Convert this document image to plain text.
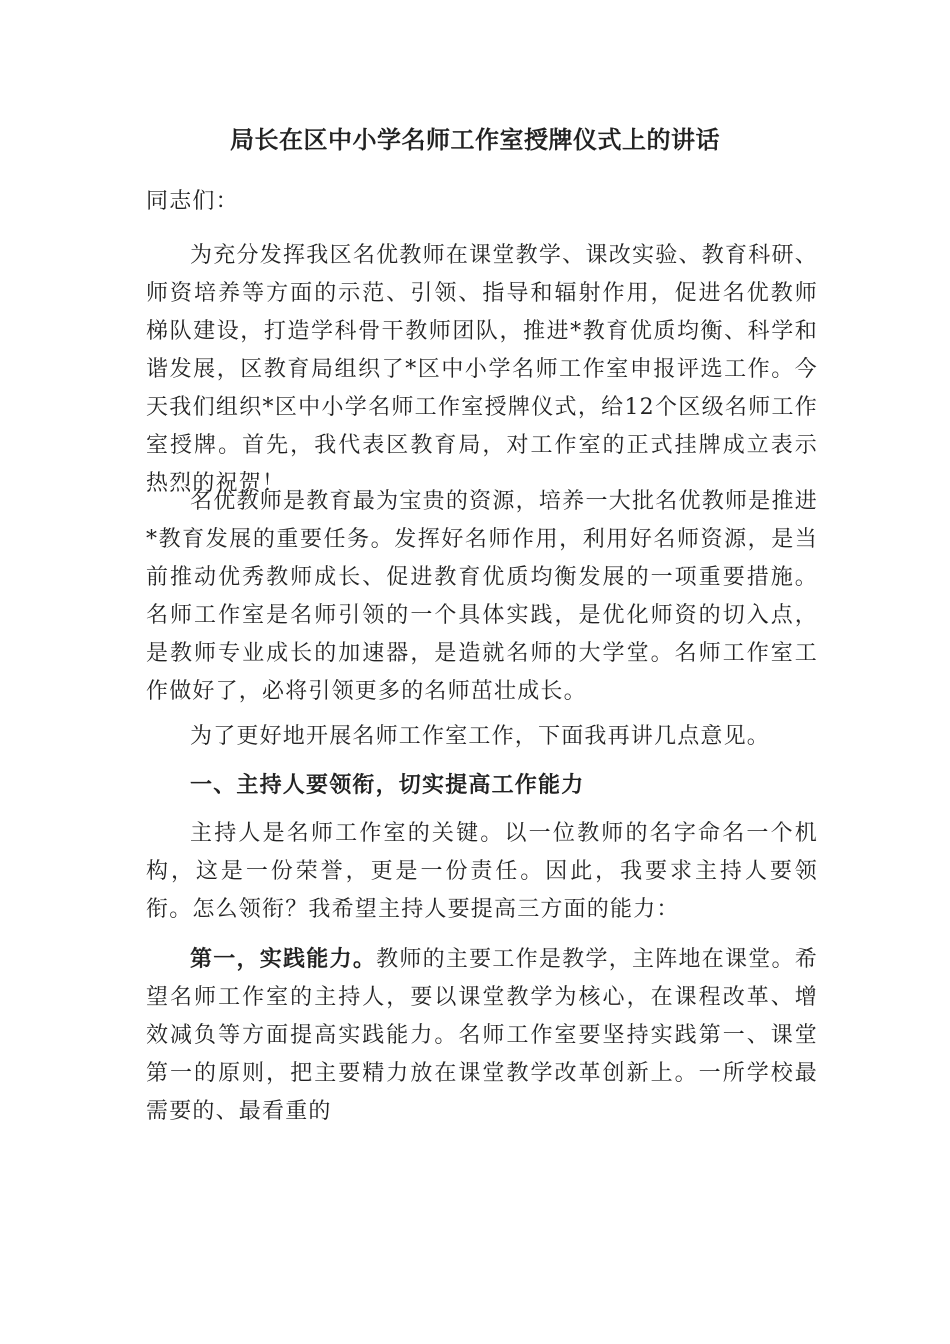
局长在区中小学名师工作室授牌仪式上的讲话

同志们：

为充分发挥我区名优教师在课堂教学、课改实验、教育科研、师资培养等方面的示范、引领、指导和辐射作用，促进名优教师梯队建设，打造学科骨干教师团队，推进*教育优质均衡、科学和谐发展，区教育局组织了*区中小学名师工作室申报评选工作。今天我们组织*区中小学名师工作室授牌仪式，给12个区级名师工作室授牌。首先，我代表区教育局，对工作室的正式挂牌成立表示热烈的祝贺！

名优教师是教育最为宝贵的资源，培养一大批名优教师是推进*教育发展的重要任务。发挥好名师作用，利用好名师资源，是当前推动优秀教师成长、促进教育优质均衡发展的一项重要措施。名师工作室是名师引领的一个具体实践，是优化师资的切入点，是教师专业成长的加速器，是造就名师的大学堂。名师工作室工作做好了，必将引领更多的名师茁壮成长。

为了更好地开展名师工作室工作，下面我再讲几点意见。

一、主持人要领衔，切实提高工作能力

主持人是名师工作室的关键。以一位教师的名字命名一个机构，这是一份荣誉，更是一份责任。因此，我要求主持人要领衔。怎么领衔？我希望主持人要提高三方面的能力：

第一，实践能力。教师的主要工作是教学，主阵地在课堂。希望名师工作室的主持人，要以课堂教学为核心，在课程改革、增效减负等方面提高实践能力。名师工作室要坚持实践第一、课堂第一的原则，把主要精力放在课堂教学改革创新上。一所学校最需要的、最看重的
